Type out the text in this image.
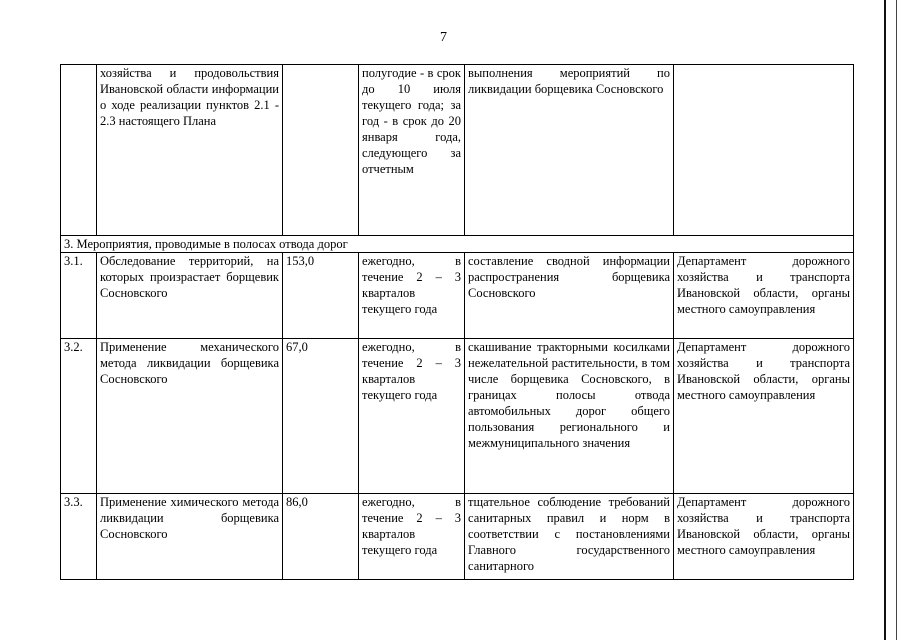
7
	хозяйства и продовольствия Ивановской области информации о ходе реализации пунктов 2.1 - 2.3 настоящего Плана		полугодие - в срок до 10 июля текущего года; за год - в срок до 20 января года, следующего за отчетным	выполнения мероприятий по ликвидации борщевика Сосновского	
3. Мероприятия, проводимые в полосах отвода дорог					
3.1.	Обследование территорий, на которых произрастает борщевик Сосновского	153,0	ежегодно, в течение 2 – 3 кварталов текущего года	составление сводной информации распространения борщевика Сосновского	Департамент дорожного хозяйства и транспорта Ивановской области, органы местного самоуправления
3.2.	Применение механического метода ликвидации борщевика Сосновского	67,0	ежегодно, в течение 2 – 3 кварталов текущего года	скашивание тракторными косилками нежелательной растительности, в том числе борщевика Сосновского, в границах полосы отвода автомобильных дорог общего пользования регионального и межмуниципального значения	Департамент дорожного хозяйства и транспорта Ивановской области, органы местного самоуправления
3.3.	Применение химического метода ликвидации борщевика Сосновского	86,0	ежегодно, в течение 2 – 3 кварталов текущего года	тщательное соблюдение требований санитарных правил и норм в соответствии с постановлениями Главного государственного санитарного	Департамент дорожного хозяйства и транспорта Ивановской области, органы местного самоуправления
